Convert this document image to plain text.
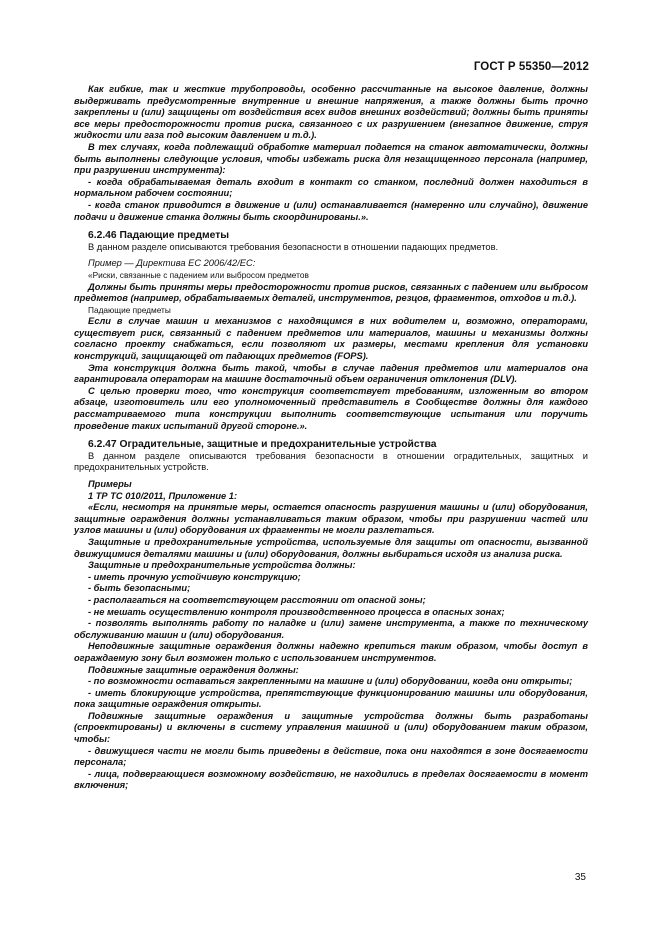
ГОСТ Р 55350—2012

Как гибкие, так и жесткие трубопроводы, особенно рассчитанные на высокое давление, должны выдерживать предусмотренные внутренние и внешние напряжения, а также должны быть прочно закреплены и (или) защищены от воздействия всех видов внешних воздействий; должны быть приняты все меры предосторожности против риска, связанного с их разрушением (внезапное движение, струя жидкости или газа под высоким давлением и т.д.).

В тех случаях, когда подлежащий обработке материал подается на станок автоматически, должны быть выполнены следующие условия, чтобы избежать риска для незащищенного персонала (например, при разрушении инструмента):

- когда обрабатываемая деталь входит в контакт со станком, последний должен находиться в нормальном рабочем состоянии;

- когда станок приводится в движение и (или) останавливается (намеренно или случайно), движение подачи и движение станка должны быть скоординированы.».

6.2.46 Падающие предметы

В данном разделе описываются требования безопасности в отношении падающих предметов.

Пример — Директива ЕС 2006/42/ЕС:

«Риски, связанные с падением или выбросом предметов

Должны быть приняты меры предосторожности против рисков, связанных с падением или выбросом предметов (например, обрабатываемых деталей, инструментов, резцов, фрагментов, отходов и т.д.).

Падающие предметы

Если в случае машин и механизмов с находящимся в них водителем и, возможно, операторами, существует риск, связанный с падением предметов или материалов, машины и механизмы должны согласно проекту снабжаться, если позволяют их размеры, местами крепления для установки конструкций, защищающей от падающих предметов (FOPS).

Эта конструкция должна быть такой, чтобы в случае падения предметов или материалов она гарантировала операторам на машине достаточный объем ограничения отклонения (DLV).

С целью проверки того, что конструкция соответствует требованиям, изложенным во втором абзаце, изготовитель или его уполномоченный представитель в Сообществе должны для каждого рассматриваемого типа конструкции выполнить соответствующие испытания или поручить проведение таких испытаний другой стороне.».

6.2.47 Оградительные, защитные и предохранительные устройства

В данном разделе описываются требования безопасности в отношении оградительных, защитных и предохранительных устройств.

Примеры

1 ТР ТС 010/2011, Приложение 1:

«Если, несмотря на принятые меры, остается опасность разрушения машины и (или) оборудования, защитные ограждения должны устанавливаться таким образом, чтобы при разрушении частей или узлов машины и (или) оборудования их фрагменты не могли разлетаться.

Защитные и предохранительные устройства, используемые для защиты от опасности, вызванной движущимися деталями машины и (или) оборудования, должны выбираться исходя из анализа риска.

Защитные и предохранительные устройства должны:

- иметь прочную устойчивую конструкцию;

- быть безопасными;

- располагаться на соответствующем расстоянии от опасной зоны;

- не мешать осуществлению контроля производственного процесса в опасных зонах;

- позволять выполнять работу по наладке и (или) замене инструмента, а также по техническому обслуживанию машин и (или) оборудования.

Неподвижные защитные ограждения должны надежно крепиться таким образом, чтобы доступ в ограждаемую зону был возможен только с использованием инструментов.

Подвижные защитные ограждения должны:

- по возможности оставаться закрепленными на машине и (или) оборудовании, когда они открыты;

- иметь блокирующие устройства, препятствующие функционированию машины или оборудования, пока защитные ограждения открыты.

Подвижные защитные ограждения и защитные устройства должны быть разработаны (спроектированы) и включены в систему управления машиной и (или) оборудованием таким образом, чтобы:

- движущиеся части не могли быть приведены в действие, пока они находятся в зоне досягаемости персонала;

- лица, подвергающиеся возможному воздействию, не находились в пределах досягаемости в момент включения;

35
